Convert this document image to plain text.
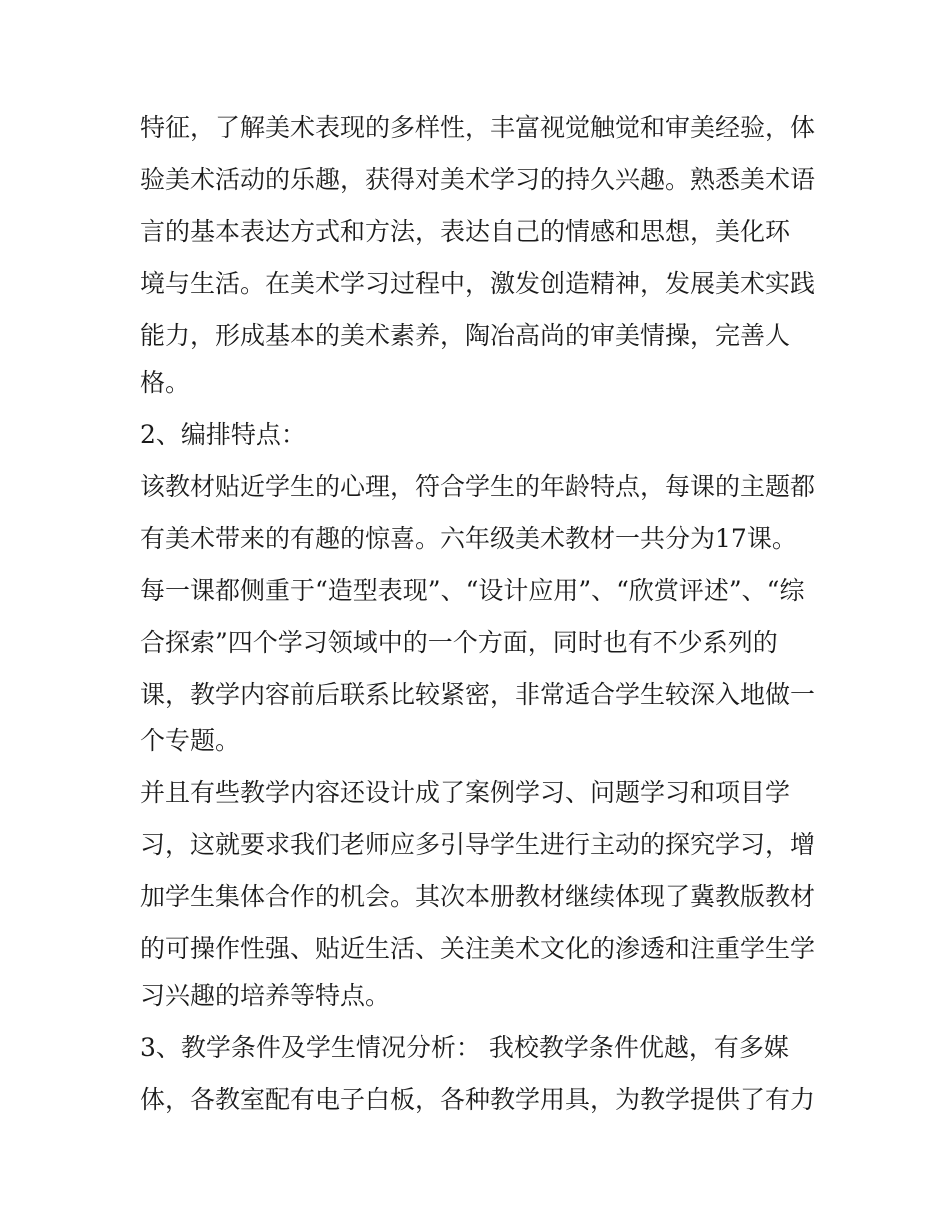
特征，了解美术表现的多样性，丰富视觉触觉和审美经验，体
验美术活动的乐趣，获得对美术学习的持久兴趣。熟悉美术语
言的基本表达方式和方法，表达自己的情感和思想，美化环
境与生活。在美术学习过程中，激发创造精神，发展美术实践
能力，形成基本的美术素养，陶冶高尚的审美情操，完善人
格。
2、编排特点：
该教材贴近学生的心理，符合学生的年龄特点，每课的主题都
有美术带来的有趣的惊喜。六年级美术教材一共分为17课。
每一课都侧重于“造型表现”、“设计应用”、“欣赏评述”、“综
合探索”四个学习领域中的一个方面，同时也有不少系列的
课，教学内容前后联系比较紧密，非常适合学生较深入地做一
个专题。
并且有些教学内容还设计成了案例学习、问题学习和项目学
习，这就要求我们老师应多引导学生进行主动的探究学习，增
加学生集体合作的机会。其次本册教材继续体现了冀教版教材
的可操作性强、贴近生活、关注美术文化的渗透和注重学生学
习兴趣的培养等特点。
3、教学条件及学生情况分析： 我校教学条件优越，有多媒
体，各教室配有电子白板，各种教学用具，为教学提供了有力
